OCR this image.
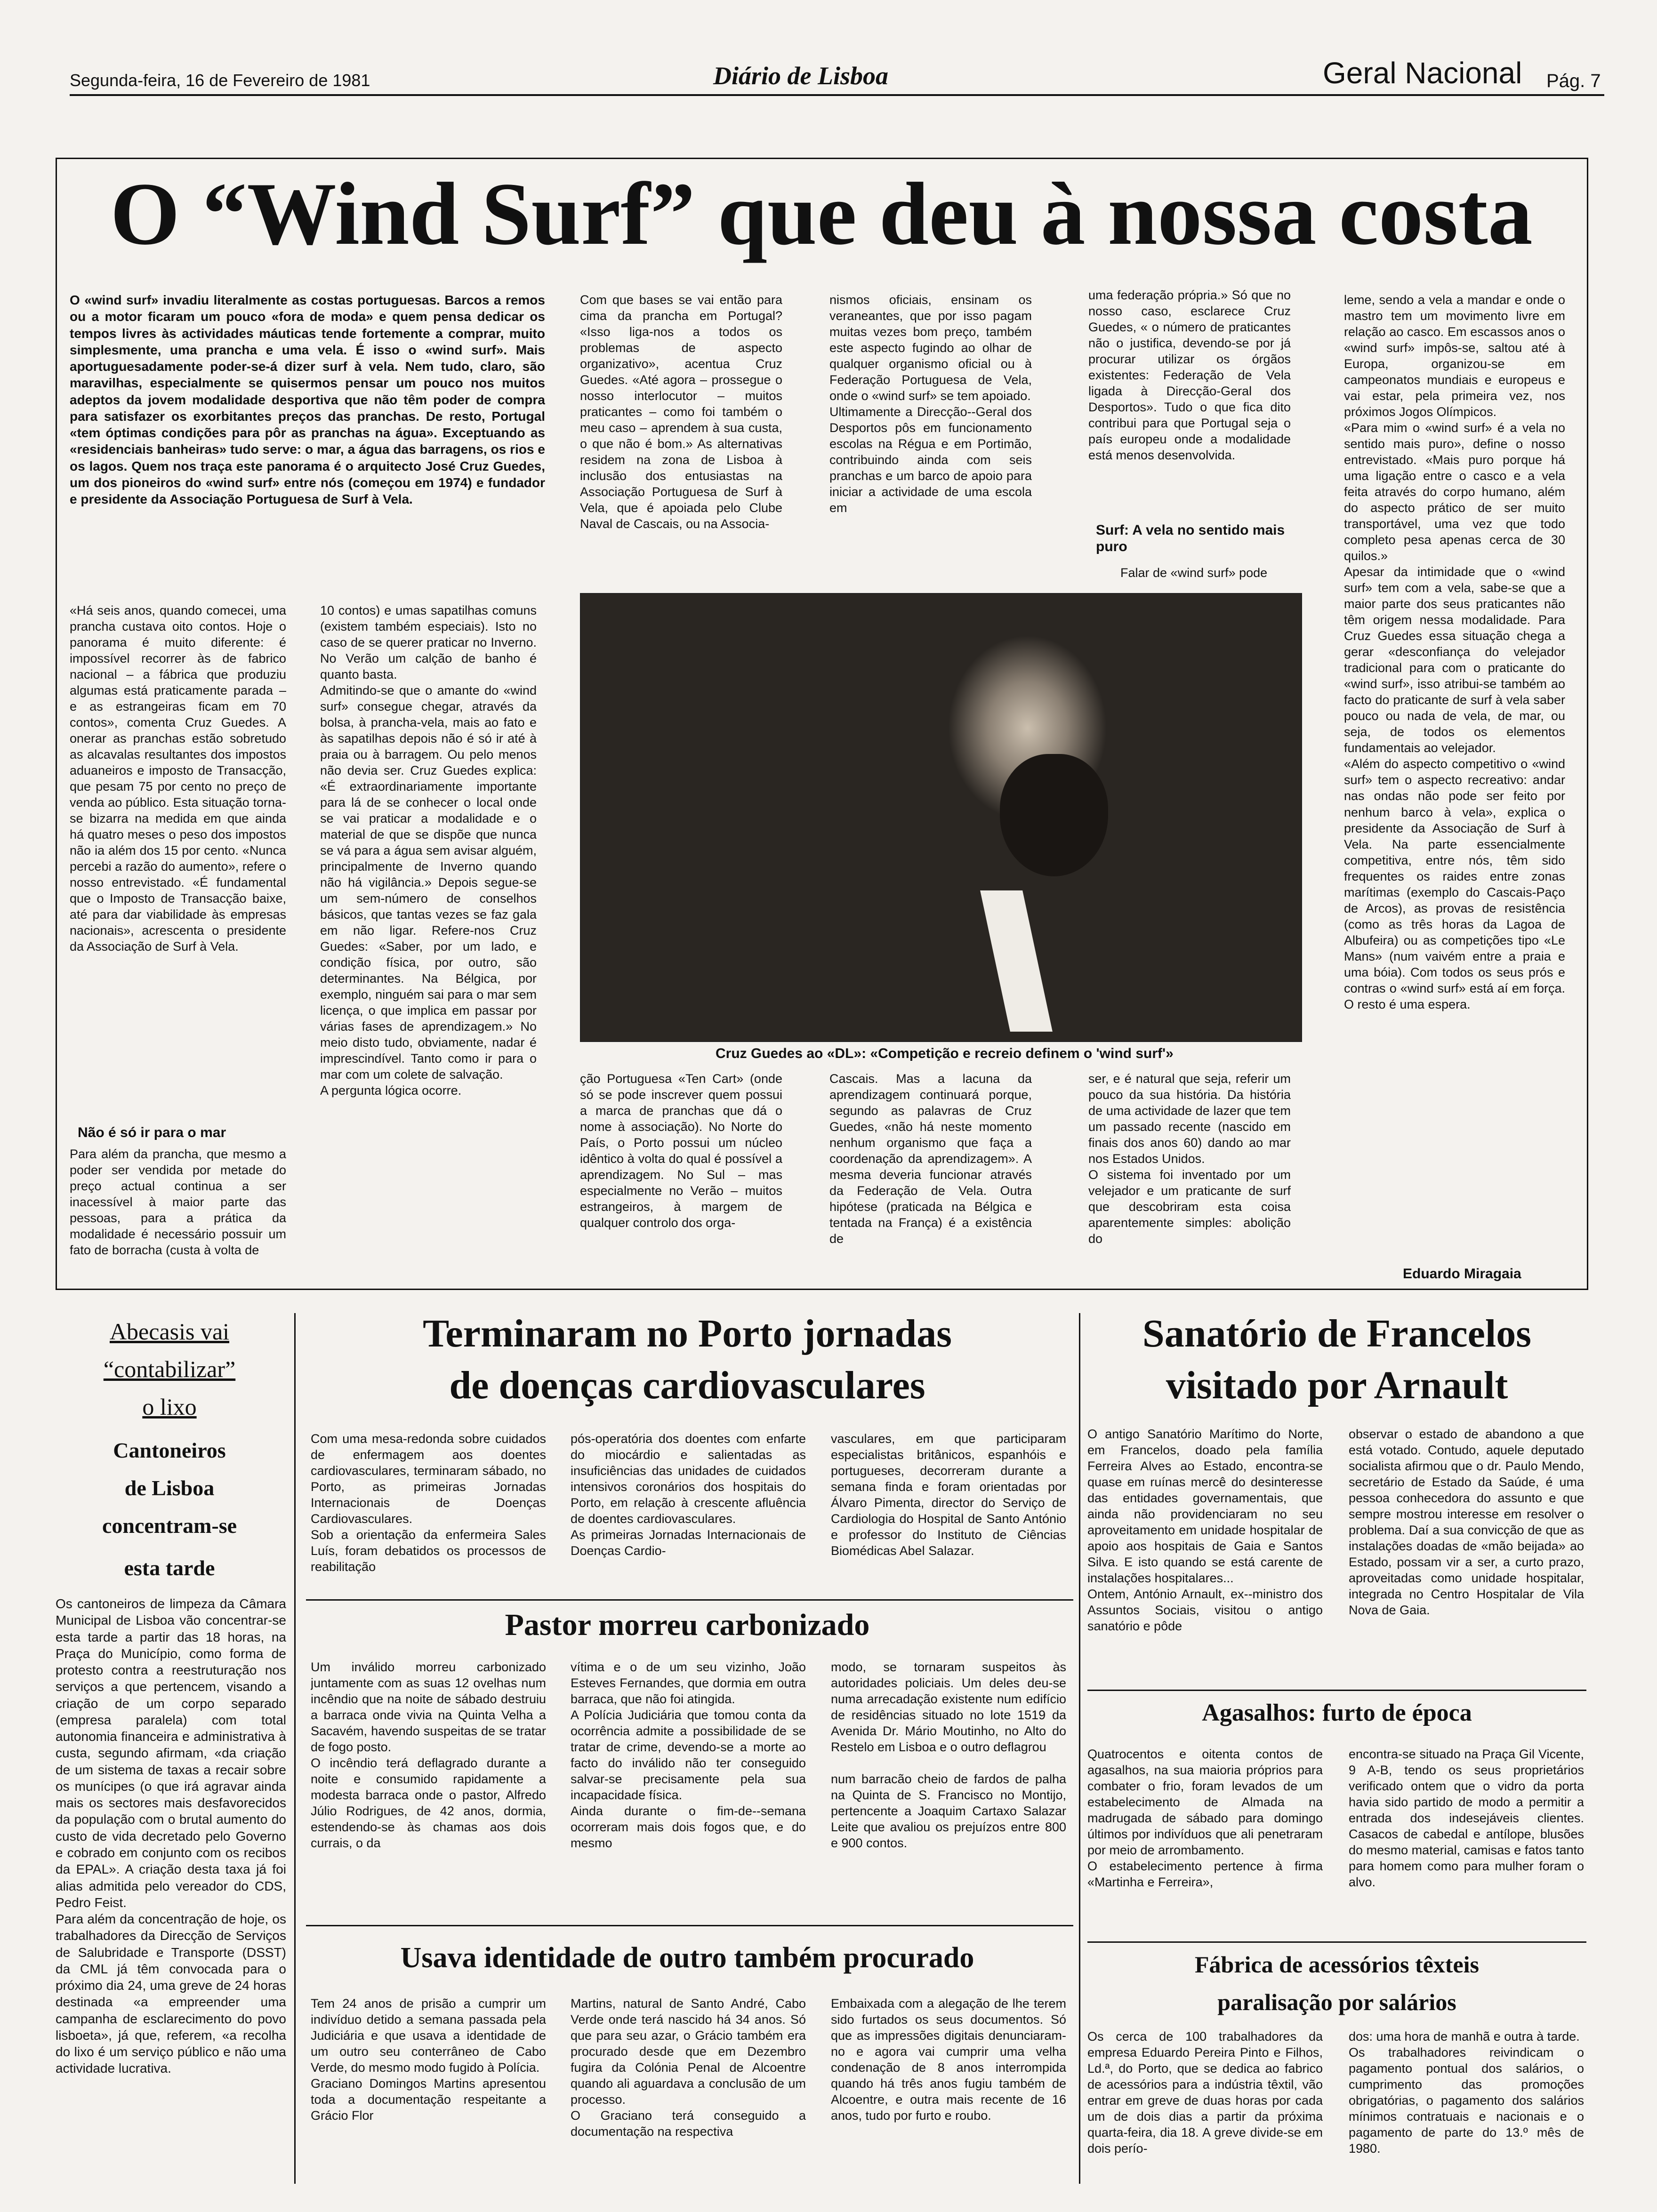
Segunda-feira, 16 de Fevereiro de 1981	Diário de Lisboa	Geral Nacional Pág. 7
O “Wind Surf” que deu à nossa costa
O «wind surf» invadiu literalmente as costas portuguesas. Barcos a remos ou a motor ficaram um pouco «fora de moda» e quem pensa dedicar os tempos livres às actividades máuticas tende fortemente a comprar, muito simplesmente, uma prancha e uma vela. É isso o «wind surf». Mais aportuguesadamente poder-se-á dizer surf à vela. Nem tudo, claro, são maravilhas, especialmente se quisermos pensar um pouco nos muitos adeptos da jovem modalidade desportiva que não têm poder de compra para satisfazer os exorbitantes preços das pranchas. De resto, Portugal «tem óptimas condições para pôr as pranchas na água». Exceptuando as «residenciais banheiras» tudo serve: o mar, a água das barragens, os rios e os lagos. Quem nos traça este panorama é o arquitecto José Cruz Guedes, um dos pioneiros do «wind surf» entre nós (começou em 1974) e fundador e presidente da Associação Portuguesa de Surf à Vela.
«Há seis anos, quando comecei, uma prancha custava oito contos. Hoje o panorama é muito diferente: é impossível recorrer às de fabrico nacional – a fábrica que produziu algumas está praticamente parada – e as estrangeiras ficam em 70 contos», comenta Cruz Guedes. A onerar as pranchas estão sobretudo as alcavalas resultantes dos impostos aduaneiros e imposto de Transacção, que pesam 75 por cento no preço de venda ao público. Esta situação torna-se bizarra na medida em que ainda há quatro meses o peso dos impostos não ia além dos 15 por cento. «Nunca percebi a razão do aumento», refere o nosso entrevistado. «É fundamental que o Imposto de Transacção baixe, até para dar viabilidade às empresas nacionais», acrescenta o presidente da Associação de Surf à Vela.
Não é só ir para o mar
Para além da prancha, que mesmo a poder ser vendida por metade do preço actual continua a ser inacessível à maior parte das pessoas, para a prática da modalidade é necessário possuir um fato de borracha (custa à volta de
10 contos) e umas sapatilhas comuns (existem também especiais). Isto no caso de se querer praticar no Inverno. No Verão um calção de banho é quanto basta.
Admitindo-se que o amante do «wind surf» consegue chegar, através da bolsa, à prancha-vela, mais ao fato e às sapatilhas depois não é só ir até à praia ou à barragem. Ou pelo menos não devia ser. Cruz Guedes explica: «É extraordinariamente importante para lá de se conhecer o local onde se vai praticar a modalidade e o material de que se dispõe que nunca se vá para a água sem avisar alguém, principalmente de Inverno quando não há vigilância.» Depois segue-se um sem-número de conselhos básicos, que tantas vezes se faz gala em não ligar. Refere-nos Cruz Guedes: «Saber, por um lado, e condição física, por outro, são determinantes. Na Bélgica, por exemplo, ninguém sai para o mar sem licença, o que implica em passar por várias fases de aprendizagem.» No meio disto tudo, obviamente, nadar é imprescindível. Tanto como ir para o mar com um colete de salvação.
A pergunta lógica ocorre.
Com que bases se vai então para cima da prancha em Portugal? «Isso liga-nos a todos os problemas de aspecto organizativo», acentua Cruz Guedes. «Até agora – prossegue o nosso interlocutor – muitos praticantes – como foi também o meu caso – aprendem à sua custa, o que não é bom.» As alternativas residem na zona de Lisboa à inclusão dos entusiastas na Associação Portuguesa de Surf à Vela, que é apoiada pelo Clube Naval de Cascais, ou na Associa-
nismos oficiais, ensinam os veraneantes, que por isso pagam muitas vezes bom preço, também este aspecto fugindo ao olhar de qualquer organismo oficial ou à Federação Portuguesa de Vela, onde o «wind surf» se tem apoiado.
Ultimamente a Direcção--Geral dos Desportos pôs em funcionamento escolas na Régua e em Portimão, contribuindo ainda com seis pranchas e um barco de apoio para iniciar a actividade de uma escola em
uma federação própria.» Só que no nosso caso, esclarece Cruz Guedes, « o número de praticantes não o justifica, devendo-se por já procurar utilizar os órgãos existentes: Federação de Vela ligada à Direcção-Geral dos Desportos». Tudo o que fica dito contribui para que Portugal seja o país europeu onde a modalidade está menos desenvolvida.
Surf: A vela no sentido mais puro
Falar de «wind surf» pode
leme, sendo a vela a mandar e onde o mastro tem um movimento livre em relação ao casco. Em escassos anos o «wind surf» impôs-se, saltou até à Europa, organizou-se em campeonatos mundiais e europeus e vai estar, pela primeira vez, nos próximos Jogos Olímpicos.
«Para mim o «wind surf» é a vela no sentido mais puro», define o nosso entrevistado. «Mais puro porque há uma ligação entre o casco e a vela feita através do corpo humano, além do aspecto prático de ser muito transportável, uma vez que todo completo pesa apenas cerca de 30 quilos.»
Apesar da intimidade que o «wind surf» tem com a vela, sabe-se que a maior parte dos seus praticantes não têm origem nessa modalidade. Para Cruz Guedes essa situação chega a gerar «desconfiança do velejador tradicional para com o praticante do «wind surf», isso atribui-se também ao facto do praticante de surf à vela saber pouco ou nada de vela, de mar, ou seja, de todos os elementos fundamentais ao velejador.
«Além do aspecto competitivo o «wind surf» tem o aspecto recreativo: andar nas ondas não pode ser feito por nenhum barco à vela», explica o presidente da Associação de Surf à Vela. Na parte essencialmente competitiva, entre nós, têm sido frequentes os raides entre zonas marítimas (exemplo do Cascais-Paço de Arcos), as provas de resistência (como as três horas da Lagoa de Albufeira) ou as competições tipo «Le Mans» (num vaivém entre a praia e uma bóia). Com todos os seus prós e contras o «wind surf» está aí em força. O resto é uma espera.
Eduardo Miragaia
Cruz Guedes ao «DL»: «Competição e recreio definem o 'wind surf'»
ção Portuguesa «Ten Cart» (onde só se pode inscrever quem possui a marca de pranchas que dá o nome à associação). No Norte do País, o Porto possui um núcleo idêntico à volta do qual é possível a aprendizagem. No Sul – mas especialmente no Verão – muitos estrangeiros, à margem de qualquer controlo dos orga-
Cascais. Mas a lacuna da aprendizagem continuará porque, segundo as palavras de Cruz Guedes, «não há neste momento nenhum organismo que faça a coordenação da aprendizagem». A mesma deveria funcionar através da Federação de Vela. Outra hipótese (praticada na Bélgica e tentada na França) é a existência de
ser, e é natural que seja, referir um pouco da sua história. Da história de uma actividade de lazer que tem um passado recente (nascido em finais dos anos 60) dando ao mar nos Estados Unidos.
O sistema foi inventado por um velejador e um praticante de surf que descobriram esta coisa aparentemente simples: abolição do
Abecasis vai
“contabilizar”
o lixo
Cantoneiros
de Lisboa
concentram-se
esta tarde
Os cantoneiros de limpeza da Câmara Municipal de Lisboa vão concentrar-se esta tarde a partir das 18 horas, na Praça do Município, como forma de protesto contra a reestruturação nos serviços a que pertencem, visando a criação de um corpo separado (empresa paralela) com total autonomia financeira e administrativa à custa, segundo afirmam, «da criação de um sistema de taxas a recair sobre os munícipes (o que irá agravar ainda mais os sectores mais desfavorecidos da população com o brutal aumento do custo de vida decretado pelo Governo e cobrado em conjunto com os recibos da EPAL». A criação desta taxa já foi alias admitida pelo vereador do CDS, Pedro Feist.
Para além da concentração de hoje, os trabalhadores da Direcção de Serviços de Salubridade e Transporte (DSST) da CML já têm convocada para o próximo dia 24, uma greve de 24 horas destinada «a empreender uma campanha de esclarecimento do povo lisboeta», já que, referem, «a recolha do lixo é um serviço público e não uma actividade lucrativa.
Terminaram no Porto jornadas
de doenças cardiovasculares
Com uma mesa-redonda sobre cuidados de enfermagem aos doentes cardiovasculares, terminaram sábado, no Porto, as primeiras Jornadas Internacionais de Doenças Cardiovasculares.
Sob a orientação da enfermeira Sales Luís, foram debatidos os processos de reabilitação
pós-operatória dos doentes com enfarte do miocárdio e salientadas as insuficiências das unidades de cuidados intensivos coronários dos hospitais do Porto, em relação à crescente afluência de doentes cardiovasculares.
As primeiras Jornadas Internacionais de Doenças Cardio-
vasculares, em que participaram especialistas britânicos, espanhóis e portugueses, decorreram durante a semana finda e foram orientadas por Álvaro Pimenta, director do Serviço de Cardiologia do Hospital de Santo António e professor do Instituto de Ciências Biomédicas Abel Salazar.
Pastor morreu carbonizado
Um inválido morreu carbonizado juntamente com as suas 12 ovelhas num incêndio que na noite de sábado destruiu a barraca onde vivia na Quinta Velha a Sacavém, havendo suspeitas de se tratar de fogo posto.
O incêndio terá deflagrado durante a noite e consumido rapidamente a modesta barraca onde o pastor, Alfredo Júlio Rodrigues, de 42 anos, dormia, estendendo-se às chamas aos dois currais, o da
vítima e o de um seu vizinho, João Esteves Fernandes, que dormia em outra barraca, que não foi atingida.
A Polícia Judiciária que tomou conta da ocorrência admite a possibilidade de se tratar de crime, devendo-se a morte ao facto do inválido não ter conseguido salvar-se precisamente pela sua incapacidade física.
Ainda durante o fim-de--semana ocorreram mais dois fogos que, e do mesmo
modo, se tornaram suspeitos às autoridades policiais. Um deles deu-se numa arrecadação existente num edifício de residências situado no lote 1519 da Avenida Dr. Mário Moutinho, no Alto do Restelo em Lisboa e o outro deflagrou

num barracão cheio de fardos de palha na Quinta de S. Francisco no Montijo, pertencente a Joaquim Cartaxo Salazar Leite que avaliou os prejuízos entre 800 e 900 contos.
Usava identidade de outro também procurado
Tem 24 anos de prisão a cumprir um indivíduo detido a semana passada pela Judiciária e que usava a identidade de um outro seu conterrâneo de Cabo Verde, do mesmo modo fugido à Polícia.
Graciano Domingos Martins apresentou toda a documentação respeitante a Grácio Flor
Martins, natural de Santo André, Cabo Verde onde terá nascido há 34 anos. Só que para seu azar, o Grácio também era procurado desde que em Dezembro fugira da Colónia Penal de Alcoentre quando ali aguardava a conclusão de um processo.
O Graciano terá conseguido a documentação na respectiva
Embaixada com a alegação de lhe terem sido furtados os seus documentos. Só que as impressões digitais denunciaram-no e agora vai cumprir uma velha condenação de 8 anos interrompida quando há três anos fugiu também de Alcoentre, e outra mais recente de 16 anos, tudo por furto e roubo.
Sanatório de Francelos
visitado por Arnault
O antigo Sanatório Marítimo do Norte, em Francelos, doado pela família Ferreira Alves ao Estado, encontra-se quase em ruínas mercê do desinteresse das entidades governamentais, que ainda não providenciaram no seu aproveitamento em unidade hospitalar de apoio aos hospitais de Gaia e Santos Silva. E isto quando se está carente de instalações hospitalares...
Ontem, António Arnault, ex--ministro dos Assuntos Sociais, visitou o antigo sanatório e pôde
observar o estado de abandono a que está votado. Contudo, aquele deputado socialista afirmou que o dr. Paulo Mendo, secretário de Estado da Saúde, é uma pessoa conhecedora do assunto e que sempre mostrou interesse em resolver o problema. Daí a sua convicção de que as instalações doadas de «mão beijada» ao Estado, possam vir a ser, a curto prazo, aproveitadas como unidade hospitalar, integrada no Centro Hospitalar de Vila Nova de Gaia.
Agasalhos: furto de época
Quatrocentos e oitenta contos de agasalhos, na sua maioria próprios para combater o frio, foram levados de um estabelecimento de Almada na madrugada de sábado para domingo últimos por indivíduos que ali penetraram por meio de arrombamento.
O estabelecimento pertence à firma «Martinha e Ferreira»,
encontra-se situado na Praça Gil Vicente, 9 A-B, tendo os seus proprietários verificado ontem que o vidro da porta havia sido partido de modo a permitir a entrada dos indesejáveis clientes. Casacos de cabedal e antílope, blusões do mesmo material, camisas e fatos tanto para homem como para mulher foram o alvo.
Fábrica de acessórios têxteis
paralisação por salários
Os cerca de 100 trabalhadores da empresa Eduardo Pereira Pinto e Filhos, Ld.ª, do Porto, que se dedica ao fabrico de acessórios para a indústria têxtil, vão entrar em greve de duas horas por cada um de dois dias a partir da próxima quarta-feira, dia 18. A greve divide-se em dois perío-
dos: uma hora de manhã e outra à tarde.
Os trabalhadores reivindicam o pagamento pontual dos salários, o cumprimento das promoções obrigatórias, o pagamento dos salários mínimos contratuais e nacionais e o pagamento de parte do 13.º mês de 1980.
